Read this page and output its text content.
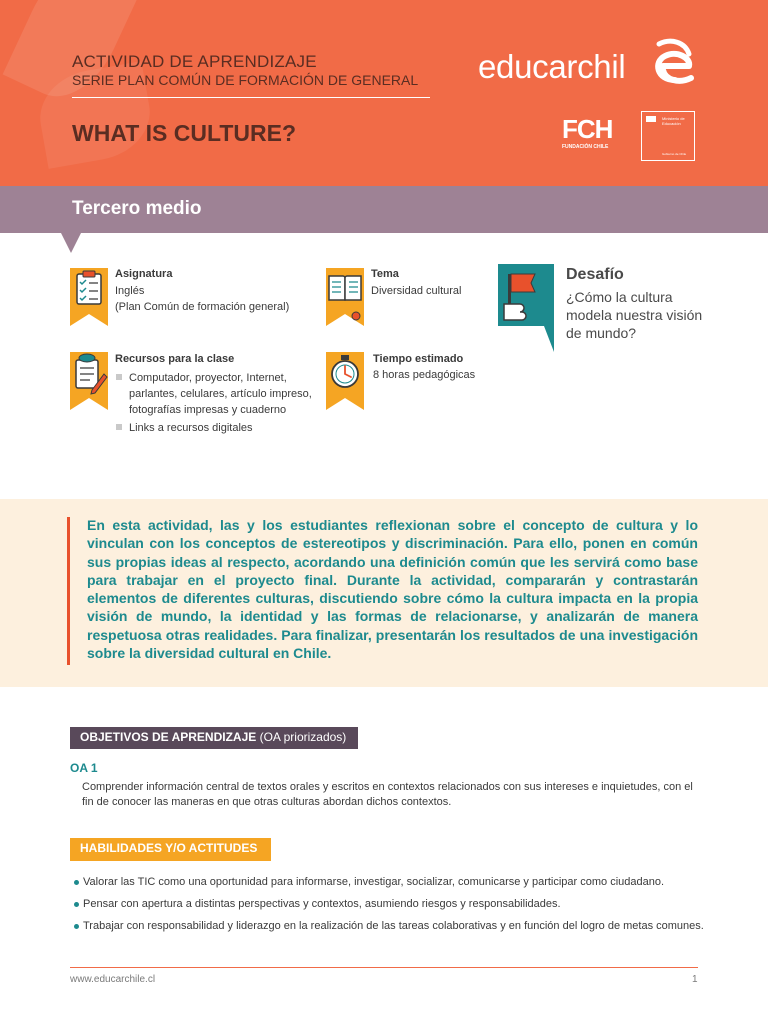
ACTIVIDAD DE APRENDIZAJE
SERIE PLAN COMÚN DE FORMACIÓN DE GENERAL
WHAT IS CULTURE?
educarchil
FCH
FUNDACIÓN CHILE
Ministerio de
Educación
Gobierno de Chile
Tercero medio
Asignatura
Inglés
(Plan Común de formación general)
Tema
Diversidad cultural
Recursos para la clase
Computador, proyector, Internet, parlantes, celulares, artículo impreso, fotografías impresas y cuaderno
Links a recursos digitales
Tiempo estimado
8 horas pedagógicas
Desafío
¿Cómo la cultura modela nuestra visión de mundo?
En esta actividad, las y los estudiantes reflexionan sobre el concepto de cultura y lo vinculan con los conceptos de estereotipos y discriminación. Para ello, ponen en común sus propias ideas al respecto, acordando una definición común que les servirá como base para trabajar en el proyecto final. Durante la actividad, compararán y contrastarán elementos de diferentes culturas, discutiendo sobre cómo la cultura impacta en la propia visión de mundo, la identidad y las formas de relacionarse, y analizarán de manera respetuosa otras realidades. Para finalizar, presentarán los resultados de una investigación sobre la diversidad cultural en Chile.
OBJETIVOS DE APRENDIZAJE (OA priorizados)
OA 1
Comprender información central de textos orales y escritos en contextos relacionados con sus intereses e inquietudes, con el fin de conocer las maneras en que otras culturas abordan dichos contextos.
HABILIDADES Y/O ACTITUDES
Valorar las TIC como una oportunidad para informarse, investigar, socializar, comunicarse y participar como ciudadano.
Pensar con apertura a distintas perspectivas y contextos, asumiendo riesgos y responsabilidades.
Trabajar con responsabilidad y liderazgo en la realización de las tareas colaborativas y en función del logro de metas comunes.
www.educarchile.cl	1
